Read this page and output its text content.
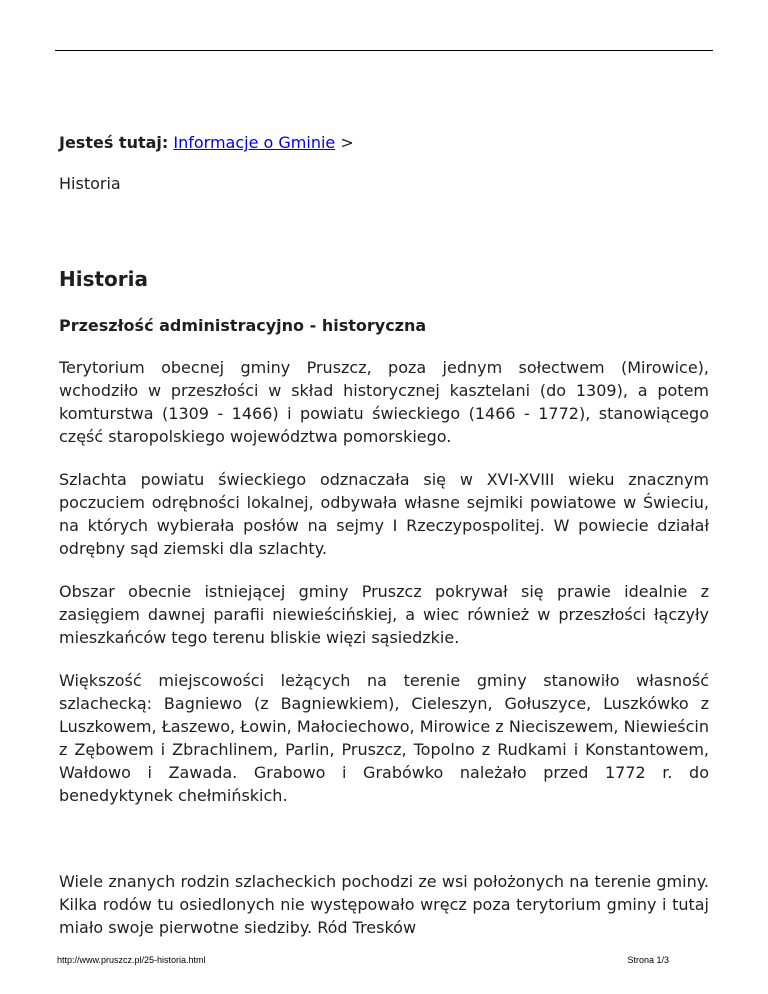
Jesteś tutaj: Informacje o Gminie >

Historia
Historia
Przeszłość administracyjno - historyczna

Terytorium obecnej gminy Pruszcz, poza jednym sołectwem (Mirowice), wchodziło w przeszłości w skład historycznej kasztelani (do 1309), a potem komturstwa (1309 - 1466) i powiatu świeckiego (1466 - 1772), stanowiącego część staropolskiego województwa pomorskiego.

Szlachta powiatu świeckiego odznaczała się w XVI-XVIII wieku znacznym poczuciem odrębności lokalnej, odbywała własne sejmiki powiatowe w Świeciu, na których wybierała posłów na sejmy I Rzeczypospolitej. W powiecie działał odrębny sąd ziemski dla szlachty.

Obszar obecnie istniejącej gminy Pruszcz pokrywał się prawie idealnie z zasięgiem dawnej parafii niewieścińskiej, a wiec również w przeszłości łączyły mieszkańców tego terenu bliskie więzi sąsiedzkie.

Większość miejscowości leżących na terenie gminy stanowiło własność szlachecką: Bagniewo (z Bagniewkiem), Cieleszyn, Gołuszyce, Luszkówko z Luszkowem, Łaszewo, Łowin, Małociechowo, Mirowice z Nieciszewem, Niewieścin z Zębowem i Zbrachlinem, Parlin, Pruszcz, Topolno z Rudkami i Konstantowem, Wałdowo i Zawada. Grabowo i Grabówko należało przed 1772 r. do benedyktynek chełmińskich.

Wiele znanych rodzin szlacheckich pochodzi ze wsi położonych na terenie gminy. Kilka rodów tu osiedlonych nie występowało wręcz poza terytorium gminy i tutaj miało swoje pierwotne siedziby. Ród Tresków

http://www.pruszcz.pl/25-historia.html	Strona 1/3
